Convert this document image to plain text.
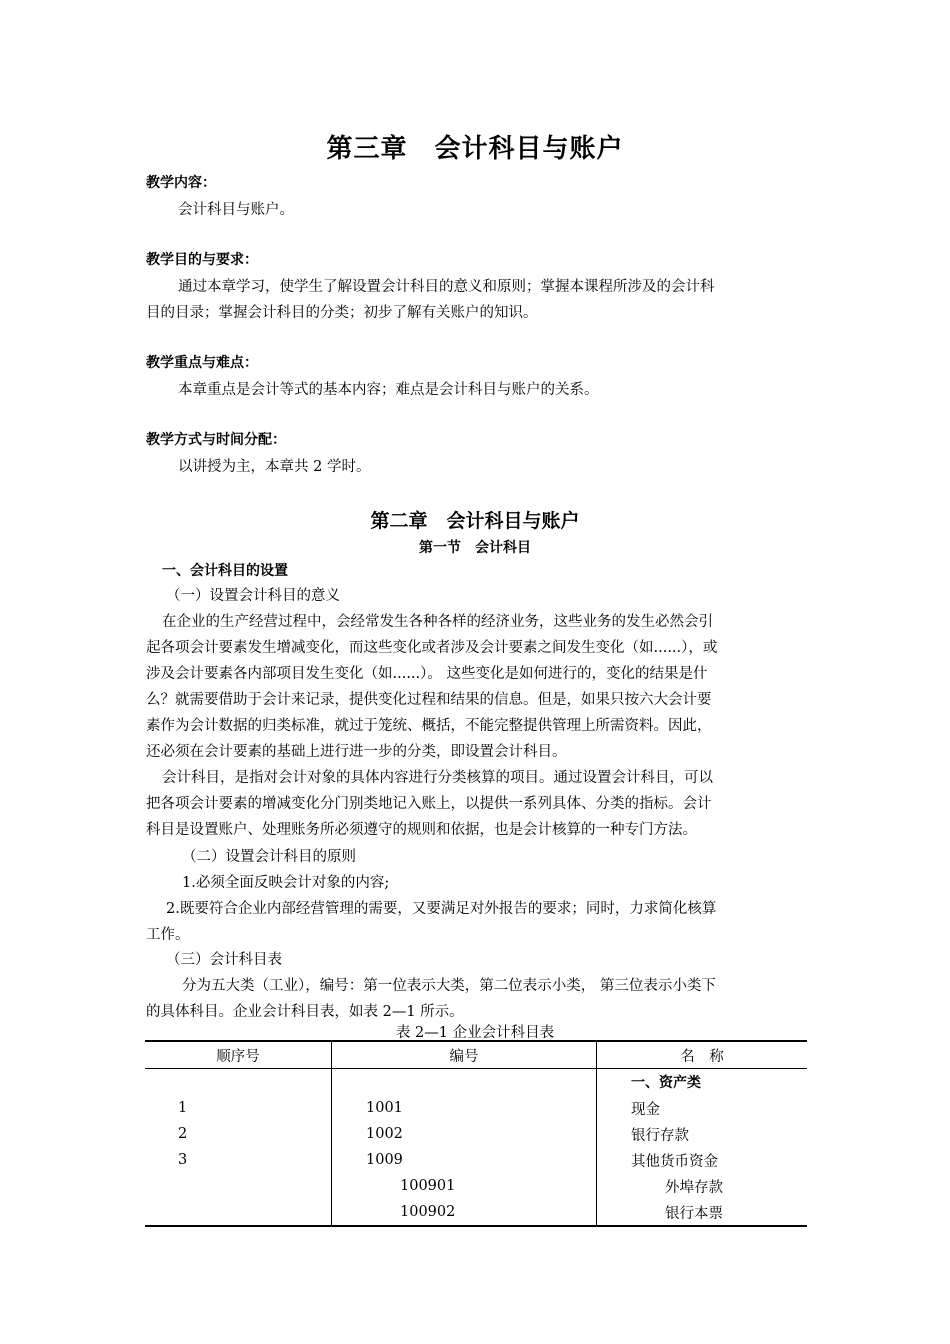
第三章　会计科目与账户
教学内容：
会计科目与账户。
教学目的与要求：
通过本章学习，使学生了解设置会计科目的意义和原则；掌握本课程所涉及的会计科
目的目录；掌握会计科目的分类；初步了解有关账户的知识。
教学重点与难点：
本章重点是会计等式的基本内容；难点是会计科目与账户的关系。
教学方式与时间分配：
以讲授为主，本章共 2 学时。
第二章　会计科目与账户
第一节　会计科目
一、会计科目的设置
（一）设置会计科目的意义
在企业的生产经营过程中，会经常发生各种各样的经济业务，这些业务的发生必然会引
起各项会计要素发生增减变化，而这些变化或者涉及会计要素之间发生变化（如......），或
涉及会计要素各内部项目发生变化（如......）。 这些变化是如何进行的，变化的结果是什
么？就需要借助于会计来记录，提供变化过程和结果的信息。但是，如果只按六大会计要
素作为会计数据的归类标准，就过于笼统、概括，不能完整提供管理上所需资料。因此，
还必须在会计要素的基础上进行进一步的分类，即设置会计科目。
会计科目，是指对会计对象的具体内容进行分类核算的项目。通过设置会计科目，可以
把各项会计要素的增减变化分门别类地记入账上，以提供一系列具体、分类的指标。会计
科目是设置账户、处理账务所必须遵守的规则和依据，也是会计核算的一种专门方法。
（二）设置会计科目的原则
1.必须全面反映会计对象的内容;
2.既要符合企业内部经营管理的需要，又要满足对外报告的要求；同时，力求简化核算
工作。
（三）会计科目表
分为五大类（工业），编号：第一位表示大类，第二位表示小类， 第三位表示小类下
的具体科目。企业会计科目表，如表 2—1 所示。
表 2—1 企业会计科目表
顺序号	编号	名　称
		一、资产类
1	1001	现金
2	1002	银行存款
3	1009	其他货币资金
	100901	外埠存款
	100902	银行本票
